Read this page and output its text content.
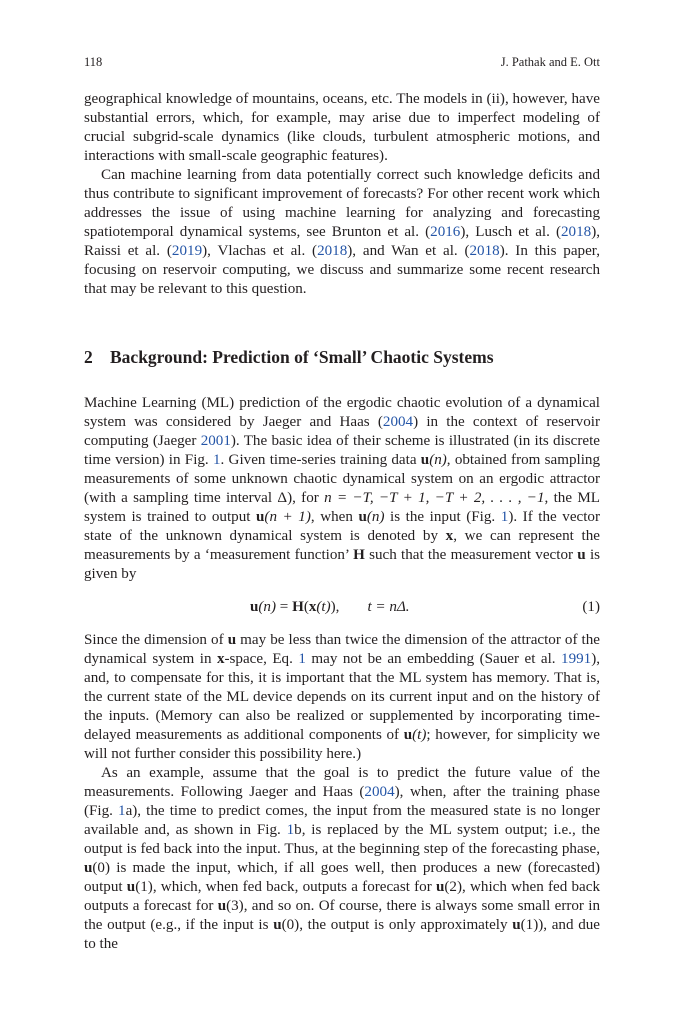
118	J. Pathak and E. Ott

geographical knowledge of mountains, oceans, etc. The models in (ii), however, have substantial errors, which, for example, may arise due to imperfect modeling of crucial subgrid-scale dynamics (like clouds, turbulent atmospheric motions, and interactions with small-scale geographic features).

Can machine learning from data potentially correct such knowledge deficits and thus contribute to significant improvement of forecasts? For other recent work which addresses the issue of using machine learning for analyzing and forecasting spatiotemporal dynamical systems, see Brunton et al. (2016), Lusch et al. (2018), Raissi et al. (2019), Vlachas et al. (2018), and Wan et al. (2018). In this paper, focusing on reservoir computing, we discuss and summarize some recent research that may be relevant to this question.

2 Background: Prediction of ‘Small’ Chaotic Systems

Machine Learning (ML) prediction of the ergodic chaotic evolution of a dynamical system was considered by Jaeger and Haas (2004) in the context of reservoir computing (Jaeger 2001). The basic idea of their scheme is illustrated (in its discrete time version) in Fig. 1. Given time-series training data u(n), obtained from sampling measurements of some unknown chaotic dynamical system on an ergodic attractor (with a sampling time interval Δ), for n = −T, −T + 1, −T + 2, . . . , −1, the ML system is trained to output u(n + 1), when u(n) is the input (Fig. 1). If the vector state of the unknown dynamical system is denoted by x, we can represent the measurements by a ‘measurement function’ H such that the measurement vector u is given by

u(n) = H(x(t)), t = nΔ.	(1)

Since the dimension of u may be less than twice the dimension of the attractor of the dynamical system in x-space, Eq. 1 may not be an embedding (Sauer et al. 1991), and, to compensate for this, it is important that the ML system has memory. That is, the current state of the ML device depends on its current input and on the history of the inputs. (Memory can also be realized or supplemented by incorporating time-delayed measurements as additional components of u(t); however, for simplicity we will not further consider this possibility here.)

As an example, assume that the goal is to predict the future value of the measurements. Following Jaeger and Haas (2004), when, after the training phase (Fig. 1a), the time to predict comes, the input from the measured state is no longer available and, as shown in Fig. 1b, is replaced by the ML system output; i.e., the output is fed back into the input. Thus, at the beginning step of the forecasting phase, u(0) is made the input, which, if all goes well, then produces a new (forecasted) output u(1), which, when fed back, outputs a forecast for u(2), which when fed back outputs a forecast for u(3), and so on. Of course, there is always some small error in the output (e.g., if the input is u(0), the output is only approximately u(1)), and due to the
